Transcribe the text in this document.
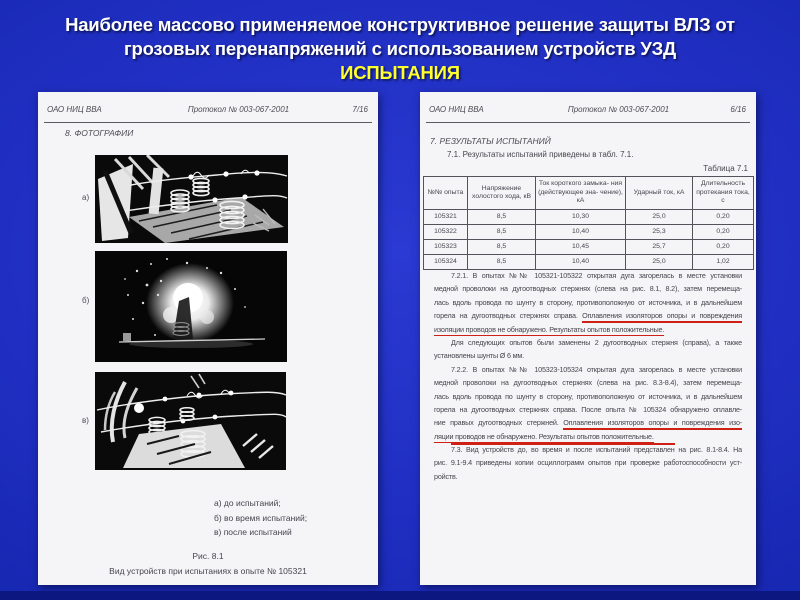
Наиболее массово применяемое конструктивное решение защиты ВЛЗ от
грозовых перенапряжений с использованием устройств УЗД
ИСПЫТАНИЯ
ОАО НИЦ ВВА	Протокол № 003-067-2001	7/16
8. ФОТОГРАФИИ
а)
б)
в)
а) до испытаний;
б) во время испытаний;
в) после испытаний
Рис. 8.1
Вид устройств при испытаниях в опыте № 105321
ОАО НИЦ ВВА	Протокол № 003-067-2001	6/16
7. РЕЗУЛЬТАТЫ ИСПЫТАНИЙ
7.1. Результаты испытаний приведены в табл. 7.1.
Таблица 7.1
№№ опыта	Напряжение холостого хода, кВ	Ток короткого замыка- ния (действующее зна- чение), кА	Ударный ток, кА	Длительность протекания тока, с
105321	8,5	10,30	25,0	0,20
105322	8,5	10,40	25,3	0,20
105323	8,5	10,45	25,7	0,20
105324	8,5	10,40	25,0	1,02
7.2.1. В опытах №№ 105321-105322 открытая дуга загорелась в месте установки
медной проволоки на дугоотводных стержнях (слева на рис. 8.1, 8.2), затем перемеща-
лась вдоль провода по шунту в сторону, противоположную от источника, и в дальнейшем
горела на дугоотводных стержнях справа. Оплавления изоляторов опоры и повреждения
изоляции проводов не обнаружено. Результаты опытов положительные.
Для следующих опытов были заменены 2 дугоотводных стержня (справа), а также
установлены шунты Ø 6 мм.
7.2.2. В опытах №№ 105323-105324 открытая дуга загорелась в месте установки
медной проволоки на дугоотводных стержнях (слева на рис. 8.3-8.4), затем перемеща-
лась вдоль провода по шунту в сторону, противоположную от источника, и в дальнейшем
горела на дугоотводных стержнях справа. После опыта № 105324 обнаружено оплавле-
ние правых дугоотводных стержней. Оплавления изоляторов опоры и повреждения изо-
ляции проводов не обнаружено. Результаты опытов положительные.
7.3. Вид устройств до, во время и после испытаний представлен на рис. 8.1-8.4. На
рис. 9.1-9.4 приведены копии осциллограмм опытов при проверке работоспособности уст-
ройств.
